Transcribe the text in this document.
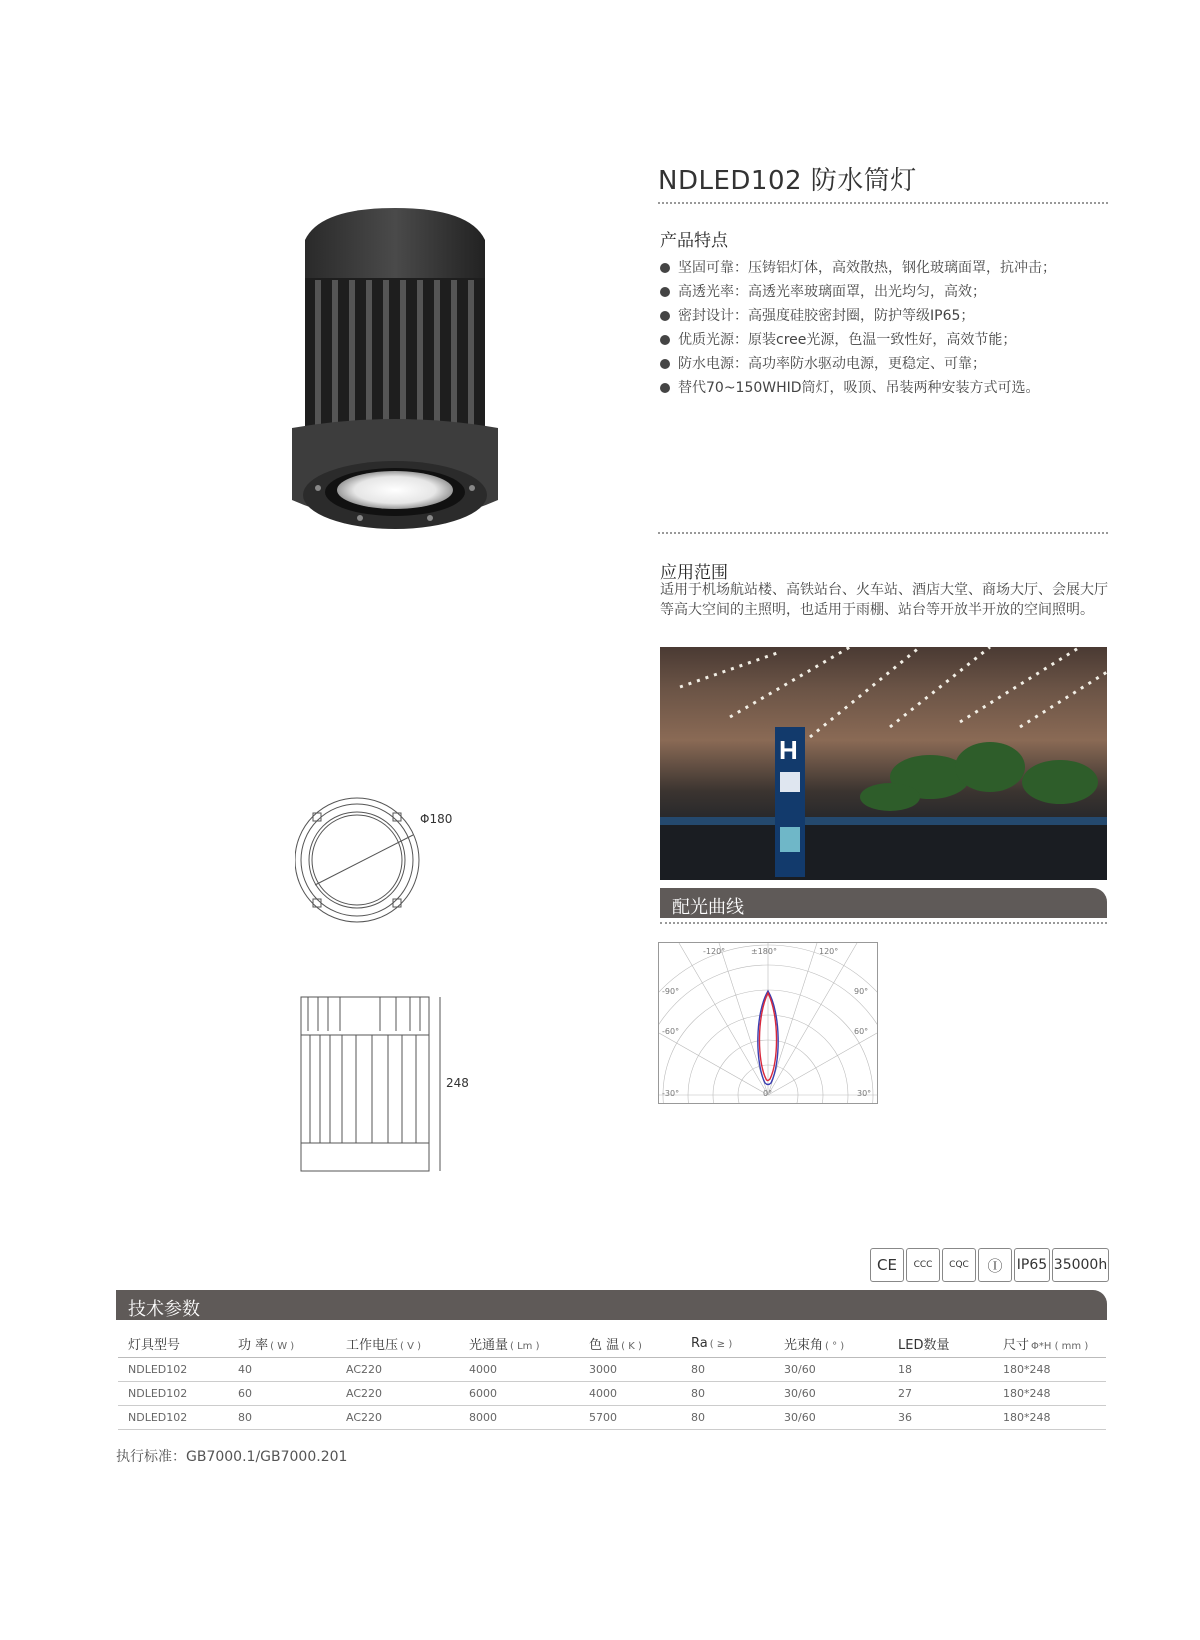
NDLED102 防水筒灯
产品特点
坚固可靠：压铸铝灯体，高效散热，钢化玻璃面罩，抗冲击；
高透光率：高透光率玻璃面罩，出光均匀，高效；
密封设计：高强度硅胶密封圈，防护等级IP65；
优质光源：原装cree光源，色温一致性好，高效节能；
防水电源：高功率防水驱动电源，更稳定、可靠；
替代70~150WHID筒灯，吸顶、吊装两种安装方式可选。
应用范围
适用于机场航站楼、高铁站台、火车站、酒店大堂、商场大厅、会展大厅等高大空间的主照明，也适用于雨棚、站台等开放半开放的空间照明。
H
配光曲线
-120°	±180°	120°
-90°	90°
-60°	60°
-30°	0°	30°
Φ180
248
CE	CCC	CQC	Ⓘ	IP65 35000h
技术参数
灯具型号	功 率 ( W )	工作电压 ( V )	光通量 ( Lm )	色 温 ( K )	Ra ( ≥ )	光束角 ( ° )	LED数量	尺寸 Φ*H ( mm )
NDLED102	40	AC220	4000	3000	80	30/60	18	180*248
NDLED102	60	AC220	6000	4000	80	30/60	27	180*248
NDLED102	80	AC220	8000	5700	80	30/60	36	180*248
执行标准：GB7000.1/GB7000.201
